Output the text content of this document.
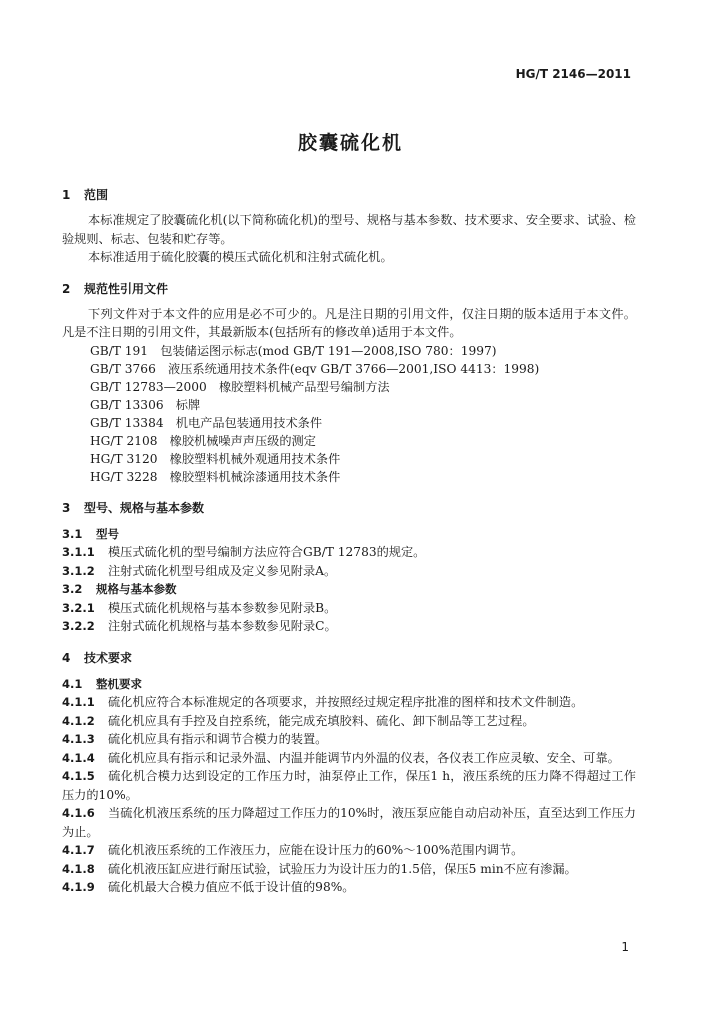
HG/T 2146—2011
胶囊硫化机
1 范围
本标准规定了胶囊硫化机(以下简称硫化机)的型号、规格与基本参数、技术要求、安全要求、试验、检验规则、标志、包装和贮存等。
本标准适用于硫化胶囊的模压式硫化机和注射式硫化机。
2 规范性引用文件
下列文件对于本文件的应用是必不可少的。凡是注日期的引用文件，仅注日期的版本适用于本文件。凡是不注日期的引用文件，其最新版本(包括所有的修改单)适用于本文件。
GB/T 191　包装储运图示标志(mod GB/T 191—2008,ISO 780：1997)
GB/T 3766　液压系统通用技术条件(eqv GB/T 3766—2001,ISO 4413：1998)
GB/T 12783—2000　橡胶塑料机械产品型号编制方法
GB/T 13306　标牌
GB/T 13384　机电产品包装通用技术条件
HG/T 2108　橡胶机械噪声声压级的测定
HG/T 3120　橡胶塑料机械外观通用技术条件
HG/T 3228　橡胶塑料机械涂漆通用技术条件
3 型号、规格与基本参数
3.1 型号
3.1.1 模压式硫化机的型号编制方法应符合GB/T 12783的规定。
3.1.2 注射式硫化机型号组成及定义参见附录A。
3.2 规格与基本参数
3.2.1 模压式硫化机规格与基本参数参见附录B。
3.2.2 注射式硫化机规格与基本参数参见附录C。
4 技术要求
4.1 整机要求
4.1.1 硫化机应符合本标准规定的各项要求，并按照经过规定程序批准的图样和技术文件制造。
4.1.2 硫化机应具有手控及自控系统，能完成充填胶料、硫化、卸下制品等工艺过程。
4.1.3 硫化机应具有指示和调节合模力的装置。
4.1.4 硫化机应具有指示和记录外温、内温并能调节内外温的仪表，各仪表工作应灵敏、安全、可靠。
4.1.5 硫化机合模力达到设定的工作压力时，油泵停止工作，保压1 h，液压系统的压力降不得超过工作压力的10%。
4.1.6 当硫化机液压系统的压力降超过工作压力的10%时，液压泵应能自动启动补压，直至达到工作压力为止。
4.1.7 硫化机液压系统的工作液压力，应能在设计压力的60%～100%范围内调节。
4.1.8 硫化机液压缸应进行耐压试验，试验压力为设计压力的1.5倍，保压5 min不应有渗漏。
4.1.9 硫化机最大合模力值应不低于设计值的98%。
1
